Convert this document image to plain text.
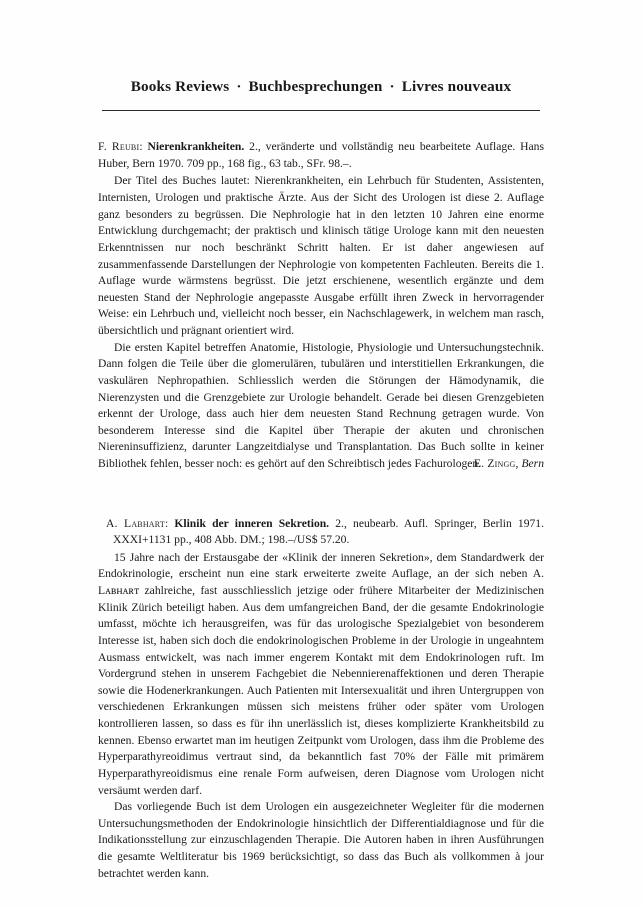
Books Reviews · Buchbesprechungen · Livres nouveaux

F. Reubi: Nierenkrankheiten. 2., veränderte und vollständig neu bearbeitete Auflage. Hans Huber, Bern 1970. 709 pp., 168 fig., 63 tab., SFr. 98.–.

Der Titel des Buches lautet: Nierenkrankheiten, ein Lehrbuch für Studenten, Assistenten, Internisten, Urologen und praktische Ärzte. Aus der Sicht des Urologen ist diese 2. Auflage ganz besonders zu begrüssen. Die Nephrologie hat in den letzten 10 Jahren eine enorme Entwicklung durchgemacht; der praktisch und klinisch tätige Urologe kann mit den neuesten Erkenntnissen nur noch beschränkt Schritt halten. Er ist daher angewiesen auf zusammenfassende Darstellungen der Nephrologie von kompetenten Fachleuten. Bereits die 1. Auflage wurde wärmstens begrüsst. Die jetzt erschienene, wesentlich ergänzte und dem neuesten Stand der Nephrologie angepasste Ausgabe erfüllt ihren Zweck in hervorragender Weise: ein Lehrbuch und, vielleicht noch besser, ein Nachschlagewerk, in welchem man rasch, übersichtlich und prägnant orientiert wird.

Die ersten Kapitel betreffen Anatomie, Histologie, Physiologie und Untersuchungstechnik. Dann folgen die Teile über die glomerulären, tubulären und interstitiellen Erkrankungen, die vaskulären Nephropathien. Schliesslich werden die Störungen der Hämodynamik, die Nierenzysten und die Grenzgebiete zur Urologie behandelt. Gerade bei diesen Grenzgebieten erkennt der Urologe, dass auch hier dem neuesten Stand Rechnung getragen wurde. Von besonderem Interesse sind die Kapitel über Therapie der akuten und chronischen Niereninsuffizienz, darunter Langzeitdialyse und Transplantation. Das Buch sollte in keiner Bibliothek fehlen, besser noch: es gehört auf den Schreibtisch jedes Fachurologen.

E. Zingg, Bern

A. Labhart: Klinik der inneren Sekretion. 2., neubearb. Aufl. Springer, Berlin 1971. XXXI+1131 pp., 408 Abb. DM.; 198.–/US$ 57.20.

15 Jahre nach der Erstausgabe der «Klinik der inneren Sekretion», dem Standardwerk der Endokrinologie, erscheint nun eine stark erweiterte zweite Auflage, an der sich neben A. Lᴀʙʜᴀʀᴛ zahlreiche, fast ausschliesslich jetzige oder frühere Mitarbeiter der Medizinischen Klinik Zürich beteiligt haben. Aus dem umfangreichen Band, der die gesamte Endokrinologie umfasst, möchte ich herausgreifen, was für das urologische Spezialgebiet von besonderem Interesse ist, haben sich doch die endokrinologischen Probleme in der Urologie in ungeahntem Ausmass entwickelt, was nach immer engerem Kontakt mit dem Endokrinologen ruft. Im Vordergrund stehen in unserem Fachgebiet die Nebennierenaffektionen und deren Therapie sowie die Hodenerkrankungen. Auch Patienten mit Intersexualität und ihren Untergruppen von verschiedenen Erkrankungen müssen sich meistens früher oder später vom Urologen kontrollieren lassen, so dass es für ihn unerlässlich ist, dieses komplizierte Krankheitsbild zu kennen. Ebenso erwartet man im heutigen Zeitpunkt vom Urologen, dass ihm die Probleme des Hyperparathyreoidimus vertraut sind, da bekanntlich fast 70% der Fälle mit primärem Hyperparathyreoidismus eine renale Form aufweisen, deren Diagnose vom Urologen nicht versäumt werden darf.

Das vorliegende Buch ist dem Urologen ein ausgezeichneter Wegleiter für die modernen Untersuchungsmethoden der Endokrinologie hinsichtlich der Differentialdiagnose und für die Indikationsstellung zur einzuschlagenden Therapie. Die Autoren haben in ihren Ausführungen die gesamte Weltliteratur bis 1969 berücksichtigt, so dass das Buch als vollkommen à jour betrachtet werden kann.
